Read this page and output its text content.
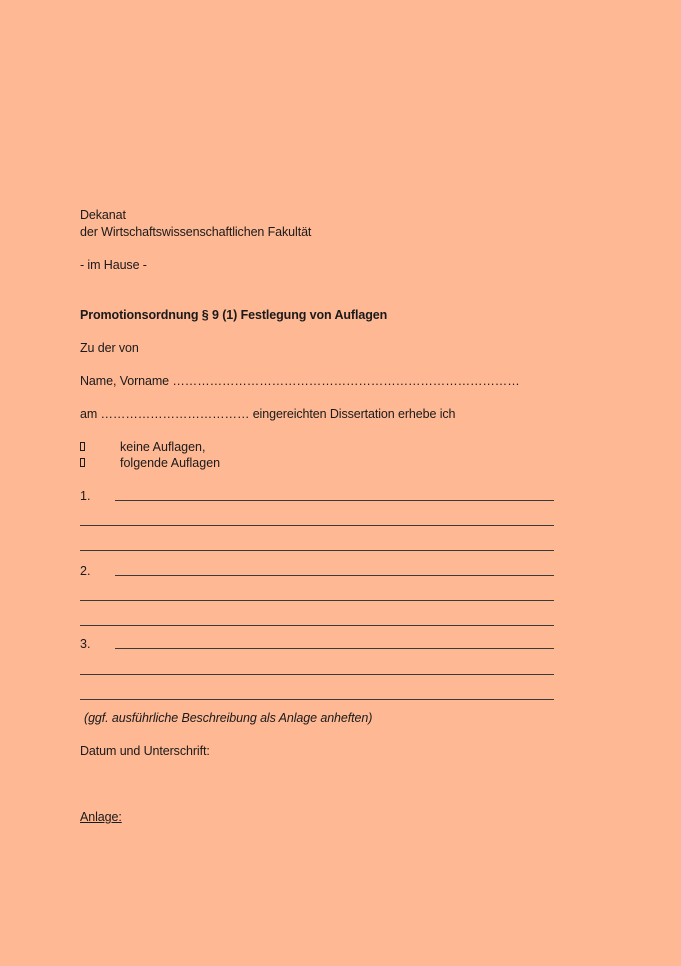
Dekanat
der Wirtschaftswissenschaftlichen Fakultät
- im Hause -
Promotionsordnung § 9 (1) Festlegung von Auflagen
Zu der von
Name, Vorname …………………………………………………………………………
am ……………………………… eingereichten Dissertation erhebe ich
keine Auflagen,
folgende Auflagen
1.
2.
3.
(ggf. ausführliche Beschreibung als Anlage anheften)
Datum und Unterschrift:
Anlage:
